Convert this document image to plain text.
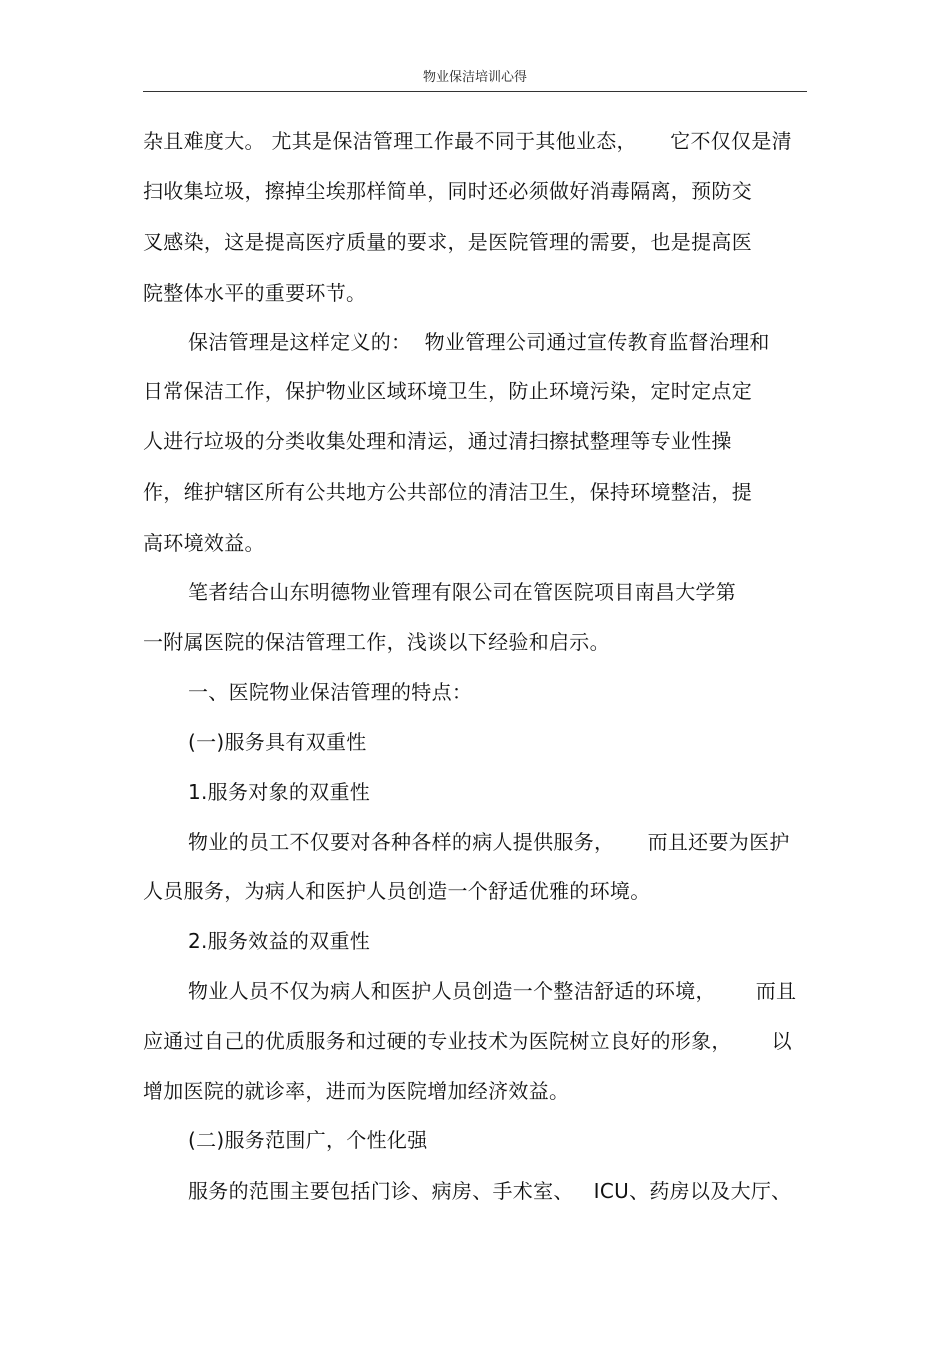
物业保洁培训心得
杂且难度大。 尤其是保洁管理工作最不同于其他业态，     它不仅仅是清
扫收集垃圾，擦掉尘埃那样简单，同时还必须做好消毒隔离，预防交
叉感染，这是提高医疗质量的要求，是医院管理的需要，也是提高医
院整体水平的重要环节。
保洁管理是这样定义的：  物业管理公司通过宣传教育监督治理和
日常保洁工作，保护物业区域环境卫生，防止环境污染，定时定点定
人进行垃圾的分类收集处理和清运，通过清扫擦拭整理等专业性操
作，维护辖区所有公共地方公共部位的清洁卫生，保持环境整洁，提
高环境效益。
笔者结合山东明德物业管理有限公司在管医院项目南昌大学第
一附属医院的保洁管理工作，浅谈以下经验和启示。
一、医院物业保洁管理的特点：
(一)服务具有双重性
1.服务对象的双重性
物业的员工不仅要对各种各样的病人提供服务，     而且还要为医护
人员服务，为病人和医护人员创造一个舒适优雅的环境。
2.服务效益的双重性
物业人员不仅为病人和医护人员创造一个整洁舒适的环境，      而且
应通过自己的优质服务和过硬的专业技术为医院树立良好的形象，      以
增加医院的就诊率，进而为医院增加经济效益。
(二)服务范围广，个性化强
服务的范围主要包括门诊、病房、手术室、   ICU、药房以及大厅、
